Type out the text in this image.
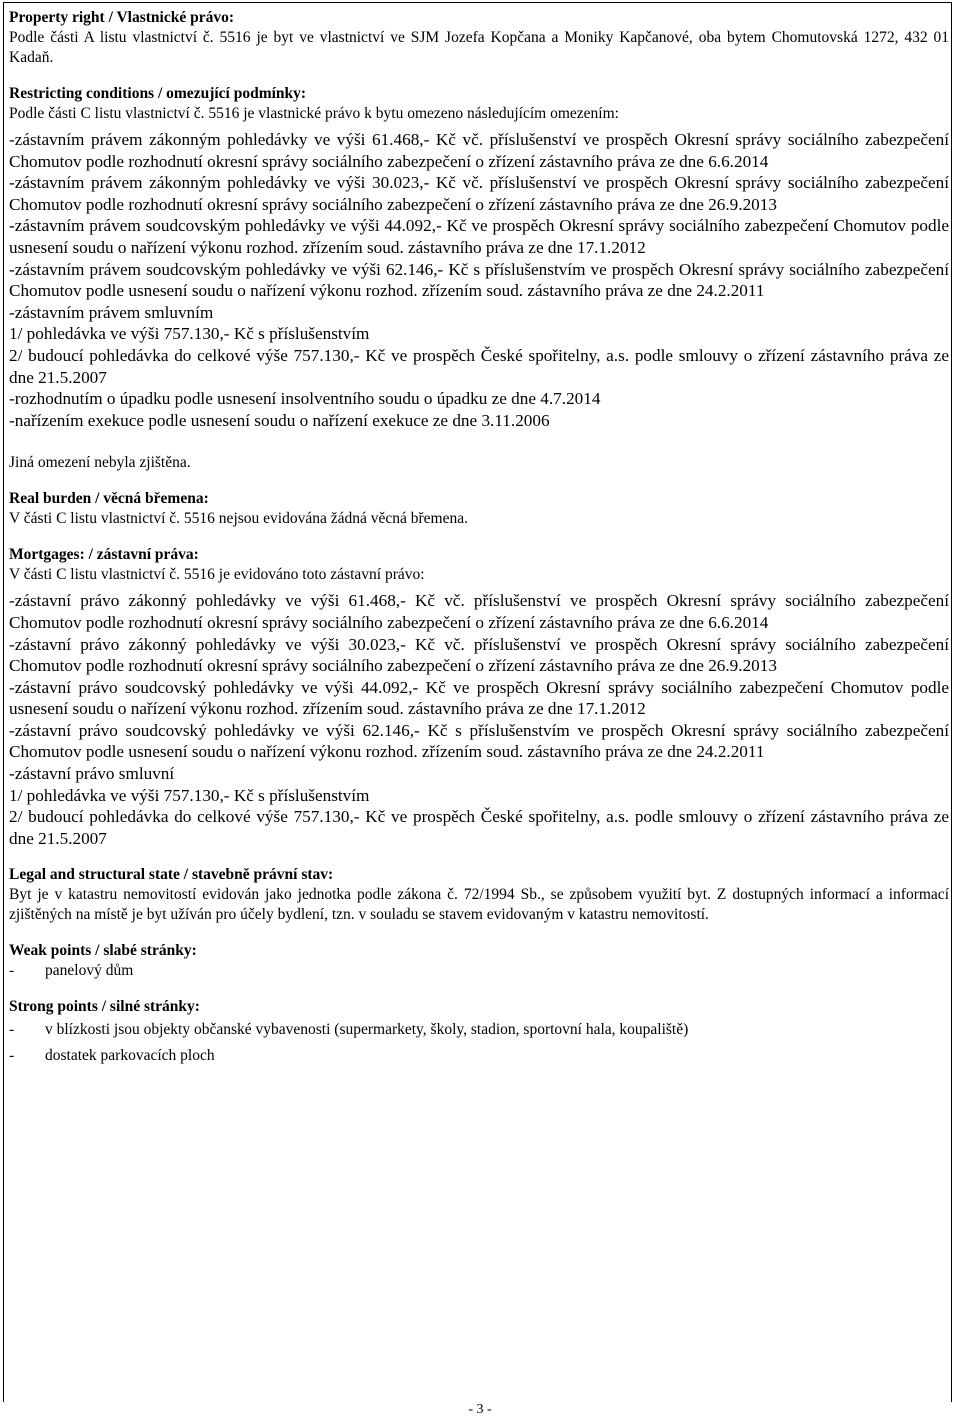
Property right / Vlastnické právo:

Podle části A listu vlastnictví č. 5516 je byt ve vlastnictví ve SJM Jozefa Kopčana a Moniky Kapčanové, oba bytem Chomutovská 1272, 432 01 Kadaň.

Restricting conditions / omezující podmínky:

Podle části C listu vlastnictví č. 5516 je vlastnické právo k bytu omezeno následujícím omezením:

-zástavním právem zákonným pohledávky ve výši 61.468,- Kč vč. příslušenství ve prospěch Okresní správy sociálního zabezpečení Chomutov podle rozhodnutí okresní správy sociálního zabezpečení o zřízení zástavního práva ze dne 6.6.2014

-zástavním právem zákonným pohledávky ve výši 30.023,- Kč vč. příslušenství ve prospěch Okresní správy sociálního zabezpečení Chomutov podle rozhodnutí okresní správy sociálního zabezpečení o zřízení zástavního práva ze dne 26.9.2013

-zástavním právem soudcovským pohledávky ve výši 44.092,- Kč ve prospěch Okresní správy sociálního zabezpečení Chomutov podle usnesení soudu o nařízení výkonu rozhod. zřízením soud. zástavního práva ze dne 17.1.2012

-zástavním právem soudcovským pohledávky ve výši 62.146,- Kč s příslušenstvím ve prospěch Okresní správy sociálního zabezpečení Chomutov podle usnesení soudu o nařízení výkonu rozhod. zřízením soud. zástavního práva ze dne 24.2.2011

-zástavním právem smluvním

1/ pohledávka ve výši 757.130,- Kč s příslušenstvím

2/ budoucí pohledávka do celkové výše 757.130,- Kč ve prospěch České spořitelny, a.s. podle smlouvy o zřízení zástavního práva ze dne 21.5.2007

-rozhodnutím o úpadku podle usnesení insolventního soudu o úpadku ze dne 4.7.2014

-nařízením exekuce podle usnesení soudu o nařízení exekuce ze dne 3.11.2006

Jiná omezení nebyla zjištěna.

Real burden / věcná břemena:

V části C listu vlastnictví č. 5516 nejsou evidována žádná věcná břemena.

Mortgages: / zástavní práva:

V části C listu vlastnictví č. 5516 je evidováno toto zástavní právo:

-zástavní právo zákonný pohledávky ve výši 61.468,- Kč vč. příslušenství ve prospěch Okresní správy sociálního zabezpečení Chomutov podle rozhodnutí okresní správy sociálního zabezpečení o zřízení zástavního práva ze dne 6.6.2014

-zástavní právo zákonný pohledávky ve výši 30.023,- Kč vč. příslušenství ve prospěch Okresní správy sociálního zabezpečení Chomutov podle rozhodnutí okresní správy sociálního zabezpečení o zřízení zástavního práva ze dne 26.9.2013

-zástavní právo soudcovský pohledávky ve výši 44.092,- Kč ve prospěch Okresní správy sociálního zabezpečení Chomutov podle usnesení soudu o nařízení výkonu rozhod. zřízením soud. zástavního práva ze dne 17.1.2012

-zástavní právo soudcovský pohledávky ve výši 62.146,- Kč s příslušenstvím ve prospěch Okresní správy sociálního zabezpečení Chomutov podle usnesení soudu o nařízení výkonu rozhod. zřízením soud. zástavního práva ze dne 24.2.2011

-zástavní právo smluvní

1/ pohledávka ve výši 757.130,- Kč s příslušenstvím

2/ budoucí pohledávka do celkové výše 757.130,- Kč ve prospěch České spořitelny, a.s. podle smlouvy o zřízení zástavního práva ze dne 21.5.2007

Legal and structural state / stavebně právní stav:

Byt je v katastru nemovitostí evidován jako jednotka podle zákona č. 72/1994 Sb., se způsobem využití byt. Z dostupných informací a informací zjištěných na místě je byt užíván pro účely bydlení, tzn. v souladu se stavem evidovaným v katastru nemovitostí.

Weak points / slabé stránky:

-	panelový dům

Strong points / silné stránky:

-	v blízkosti jsou objekty občanské vybavenosti (supermarkety, školy, stadion, sportovní hala, koupaliště)
-	dostatek parkovacích ploch
- 3 -
